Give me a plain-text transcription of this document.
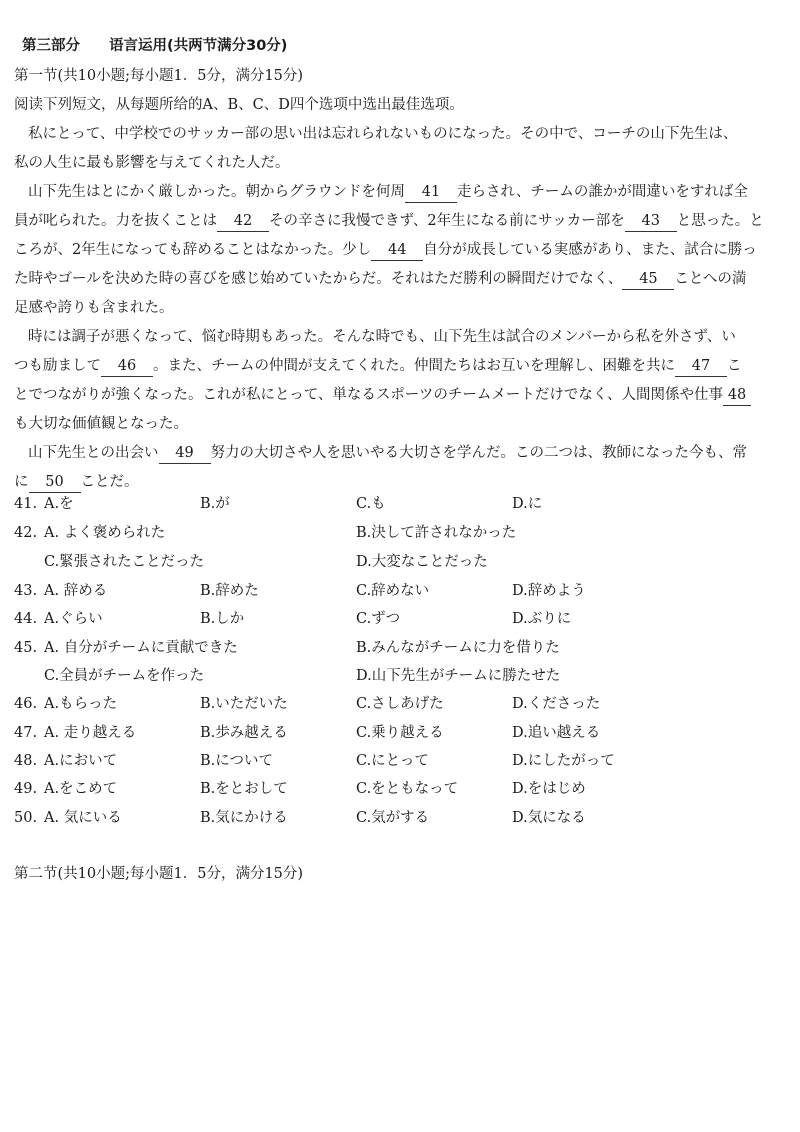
第三部分　　语言运用(共两节满分30分)
第一节(共10小题;每小题1．5分，满分15分)
阅读下列短文，从每题所给的A、B、C、D四个选项中选出最佳选项。
私にとって、中学校でのサッカー部の思い出は忘れられないものになった。その中で、コーチの山下先生は、
私の人生に最も影響を与えてくれた人だ。
山下先生はとにかく厳しかった。朝からグラウンドを何周 41 走らされ、チームの誰かが間違いをすれば全
員が叱られた。力を抜くことは 42 その辛さに我慢できず、2年生になる前にサッカー部を 43 と思った。と
ころが、2年生になっても辞めることはなかった。少し 44 自分が成長している実感があり、また、試合に勝っ
た時やゴールを決めた時の喜びを感じ始めていたからだ。それはただ勝利の瞬間だけでなく、 45 ことへの満
足感や誇りも含まれた。
時には調子が悪くなって、悩む時期もあった。そんな時でも、山下先生は試合のメンバーから私を外さず、い
つも励まして 46 。また、チームの仲間が支えてくれた。仲間たちはお互いを理解し、困難を共に 47 こ
とでつながりが強くなった。これが私にとって、単なるスポーツのチームメートだけでなく、人間関係や仕事 48
も大切な価値観となった。
山下先生との出会い 49 努力の大切さや人を思いやる大切さを学んだ。この二つは、教師になった今も、常
に 50 ことだ。
41. A.を	B.が	C.も	D.に
42. A. よく褒められた	B.決して許されなかった
C.緊張されたことだった	D.大変なことだった
43. A. 辞める	B.辞めた	C.辞めない	D.辞めよう
44. A.ぐらい	B.しか	C.ずつ	D.ぶりに
45. A. 自分がチームに貢献できた	B.みんながチームに力を借りた
C.全員がチームを作った	D.山下先生がチームに勝たせた
46. A.もらった	B.いただいた	C.さしあげた	D.くださった
47. A. 走り越える	B.歩み越える	C.乗り越える	D.追い越える
48. A.において	B.について	C.にとって	D.にしたがって
49. A.をこめて	B.をとおして	C.をともなって	D.をはじめ
50. A. 気にいる	B.気にかける	C.気がする	D.気になる
第二节(共10小题;每小题1．5分，满分15分)
